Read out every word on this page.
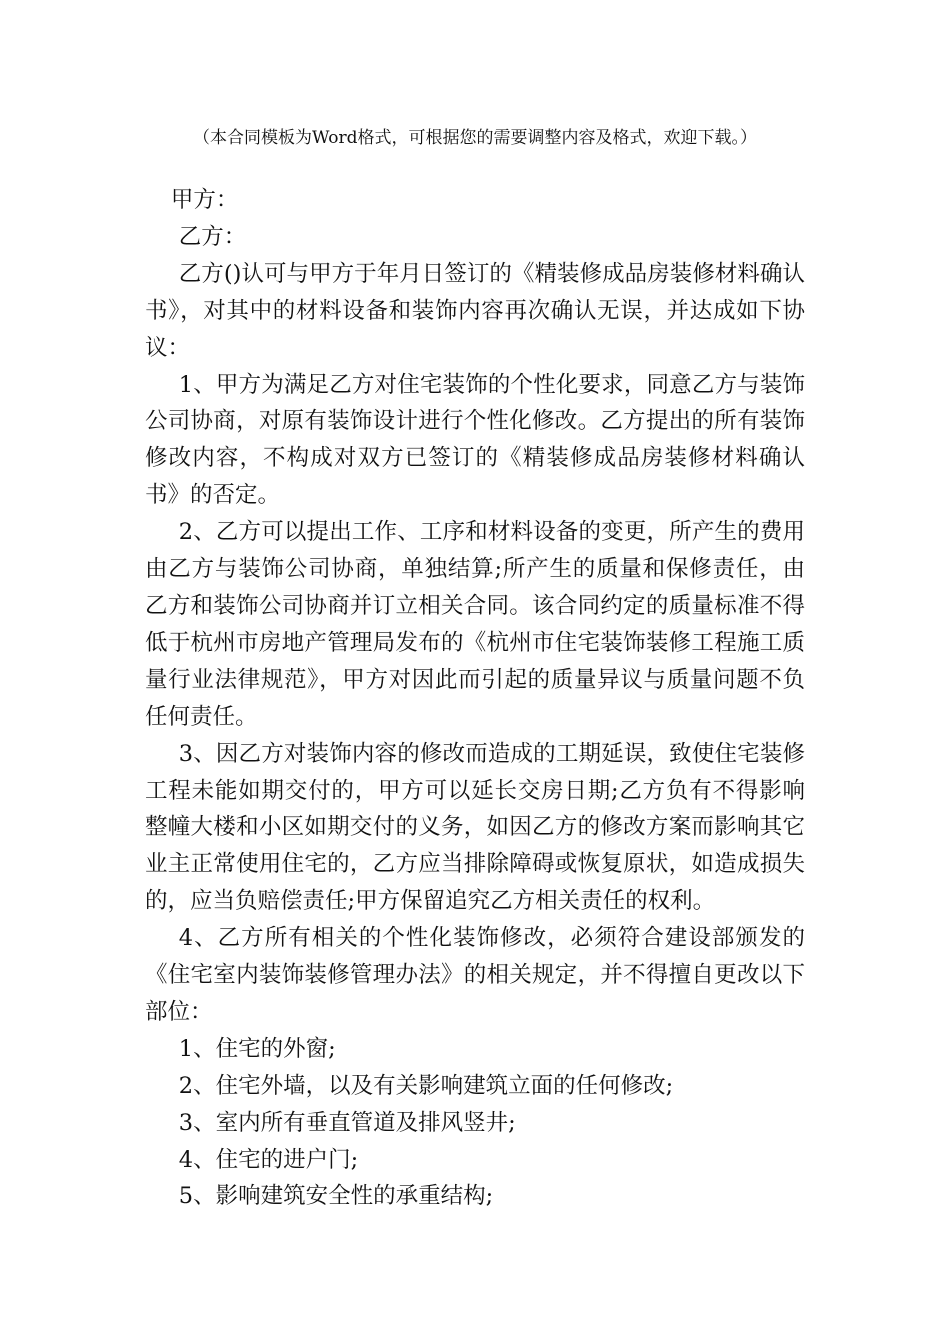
（本合同模板为Word格式，可根据您的需要调整内容及格式，欢迎下载。）

甲方：

乙方：

乙方()认可与甲方于年月日签订的《精装修成品房装修材料确认书》，对其中的材料设备和装饰内容再次确认无误，并达成如下协议：

1、甲方为满足乙方对住宅装饰的个性化要求，同意乙方与装饰公司协商，对原有装饰设计进行个性化修改。乙方提出的所有装饰修改内容，不构成对双方已签订的《精装修成品房装修材料确认书》的否定。

2、乙方可以提出工作、工序和材料设备的变更，所产生的费用由乙方与装饰公司协商，单独结算;所产生的质量和保修责任，由乙方和装饰公司协商并订立相关合同。该合同约定的质量标准不得低于杭州市房地产管理局发布的《杭州市住宅装饰装修工程施工质量行业法律规范》，甲方对因此而引起的质量异议与质量问题不负任何责任。

3、因乙方对装饰内容的修改而造成的工期延误，致使住宅装修工程未能如期交付的，甲方可以延长交房日期;乙方负有不得影响整幢大楼和小区如期交付的义务，如因乙方的修改方案而影响其它业主正常使用住宅的，乙方应当排除障碍或恢复原状，如造成损失的，应当负赔偿责任;甲方保留追究乙方相关责任的权利。

4、乙方所有相关的个性化装饰修改，必须符合建设部颁发的《住宅室内装饰装修管理办法》的相关规定，并不得擅自更改以下部位：

1、住宅的外窗;

2、住宅外墙，以及有关影响建筑立面的任何修改;

3、室内所有垂直管道及排风竖井;

4、住宅的进户门;

5、影响建筑安全性的承重结构;
